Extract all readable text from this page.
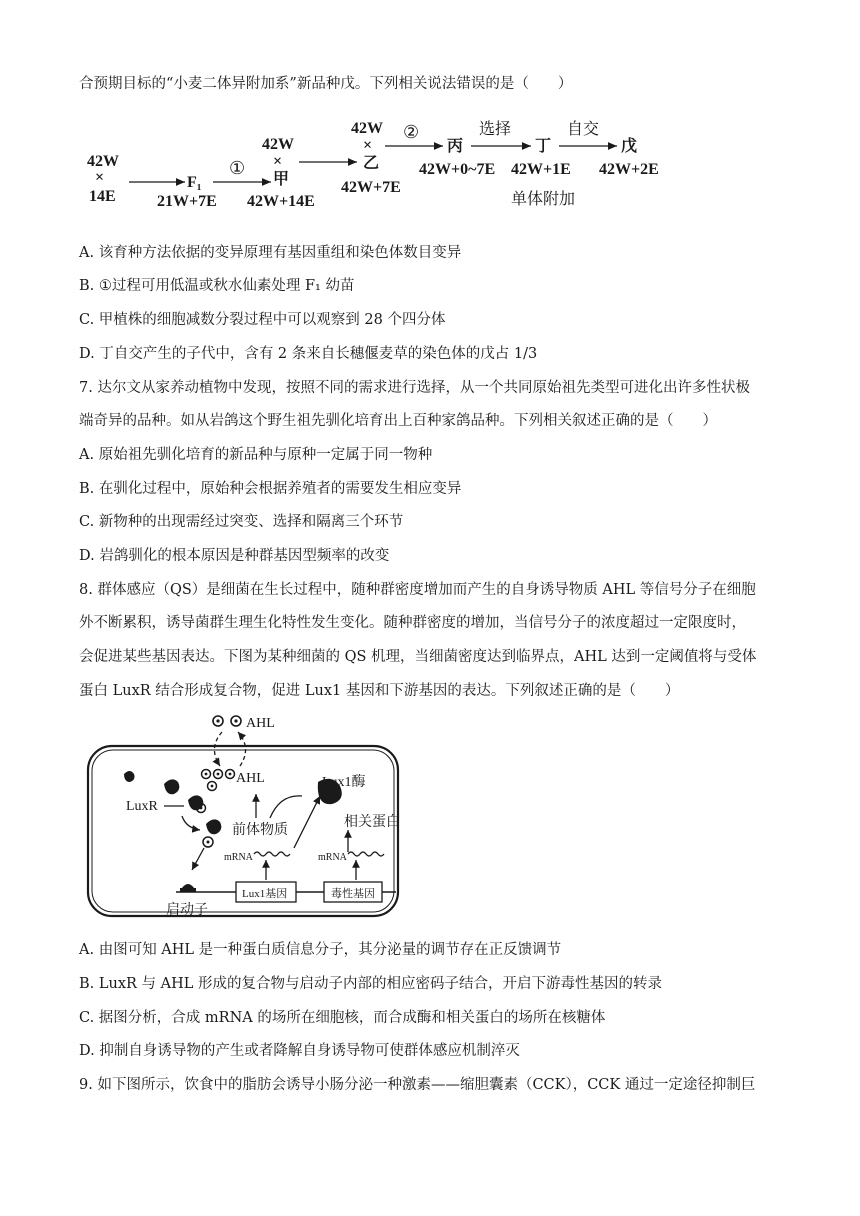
合预期目标的“小麦二体异附加系”新品种戊。下列相关说法错误的是（　　）
42W
×
14E
F₁
21W+7E
①
42W
×
甲
42W+14E
42W
×
乙
42W+7E
②
丙
42W+0~7E
选择
丁
42W+1E
自交
戊
42W+2E
单体附加
A. 该育种方法依据的变异原理有基因重组和染色体数目变异
B. ①过程可用低温或秋水仙素处理 F₁ 幼苗
C. 甲植株的细胞减数分裂过程中可以观察到 28 个四分体
D. 丁自交产生的子代中，含有 2 条来自长穗偃麦草的染色体的戊占 1/3
7. 达尔文从家养动植物中发现，按照不同的需求进行选择，从一个共同原始祖先类型可进化出许多性状极
端奇异的品种。如从岩鸽这个野生祖先驯化培育出上百种家鸽品种。下列相关叙述正确的是（　　）
A. 原始祖先驯化培育的新品种与原种一定属于同一物种
B. 在驯化过程中，原始种会根据养殖者的需要发生相应变异
C. 新物种的出现需经过突变、选择和隔离三个环节
D. 岩鸽驯化的根本原因是种群基因型频率的改变
8. 群体感应（QS）是细菌在生长过程中，随种群密度增加而产生的自身诱导物质 AHL 等信号分子在细胞
外不断累积，诱导菌群生理生化特性发生变化。随种群密度的增加，当信号分子的浓度超过一定限度时，
会促进某些基因表达。下图为某种细菌的 QS 机理，当细菌密度达到临界点，AHL 达到一定阈值将与受体
蛋白 LuxR 结合形成复合物，促进 Lux1 基因和下游基因的表达。下列叙述正确的是（　　）
AHL
AHL
LuxR
Lux1酶
前体物质
相关蛋白
mRNA	mRNA
Lux1基因	毒性基因
启动子
A. 由图可知 AHL 是一种蛋白质信息分子，其分泌量的调节存在正反馈调节
B. LuxR 与 AHL 形成的复合物与启动子内部的相应密码子结合，开启下游毒性基因的转录
C. 据图分析，合成 mRNA 的场所在细胞核，而合成酶和相关蛋白的场所在核糖体
D. 抑制自身诱导物的产生或者降解自身诱导物可使群体感应机制淬灭
9. 如下图所示，饮食中的脂肪会诱导小肠分泌一种激素——缩胆囊素（CCK），CCK 通过一定途径抑制巨
